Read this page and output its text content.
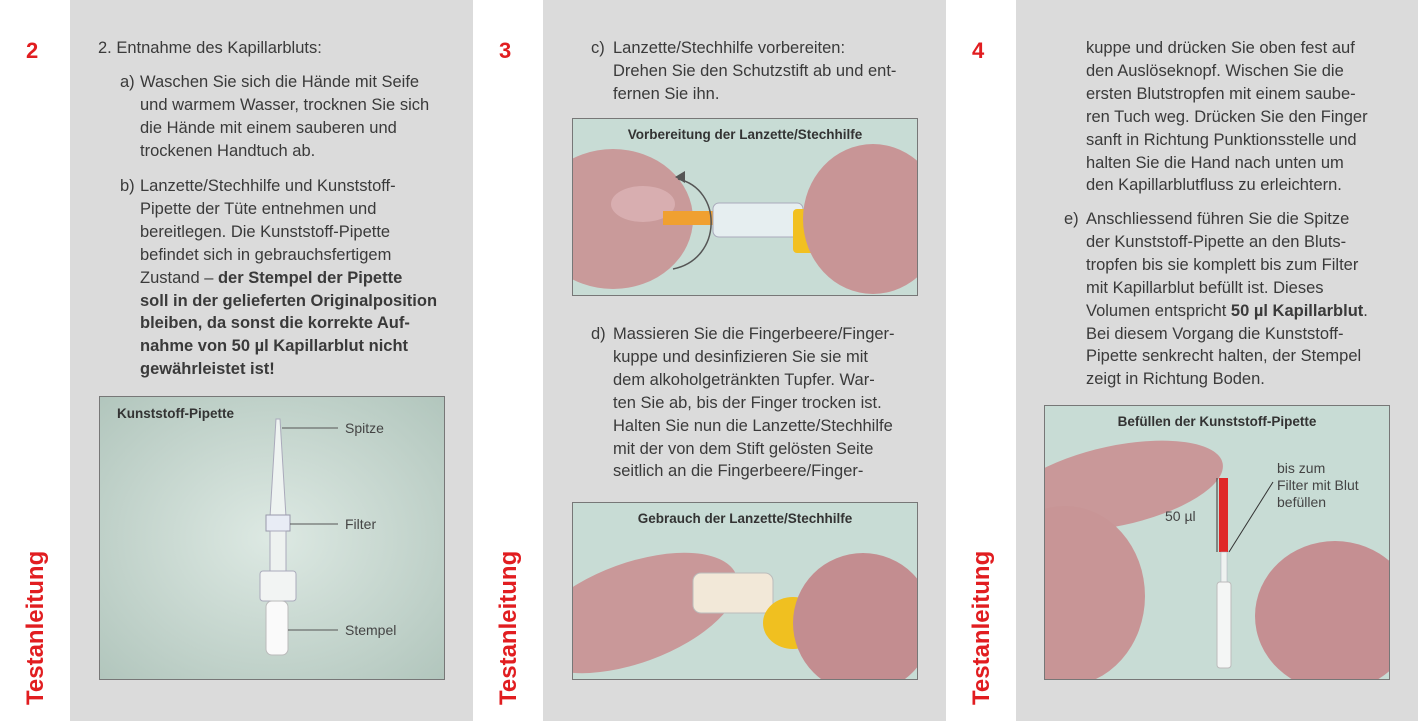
2
Testanleitung
2. Entnahme des Kapillarbluts:
a) Waschen Sie sich die Hände mit Seife
und warmem Wasser, trocknen Sie sich
die Hände mit einem sauberen und
trockenen Handtuch ab.
b) Lanzette/Stechhilfe und Kunststoff-
Pipette der Tüte entnehmen und
bereitlegen. Die Kunststoff-Pipette
befindet sich in gebrauchsfertigem
Zustand – der Stempel der Pipette
soll in der gelieferten Originalposition
bleiben, da sonst die korrekte Auf-
nahme von 50 µl Kapillarblut nicht
gewährleistet ist!
Kunststoff-Pipette
Spitze
Filter
Stempel
3
Testanleitung
c) Lanzette/Stechhilfe vorbereiten:
Drehen Sie den Schutzstift ab und ent-
fernen Sie ihn.
Vorbereitung der Lanzette/Stechhilfe
d) Massieren Sie die Fingerbeere/Finger-
kuppe und desinfizieren Sie sie mit
dem alkoholgetränkten Tupfer. War-
ten Sie ab, bis der Finger trocken ist.
Halten Sie nun die Lanzette/Stechhilfe
mit der von dem Stift gelösten Seite
seitlich an die Fingerbeere/Finger-
Gebrauch der Lanzette/Stechhilfe
4
Testanleitung
kuppe und drücken Sie oben fest auf
den Auslöseknopf. Wischen Sie die
ersten Blutstropfen mit einem saube-
ren Tuch weg. Drücken Sie den Finger
sanft in Richtung Punktionsstelle und
halten Sie die Hand nach unten um
den Kapillarblutfluss zu erleichtern.
e) Anschliessend führen Sie die Spitze
der Kunststoff-Pipette an den Bluts-
tropfen bis sie komplett bis zum Filter
mit Kapillarblut befüllt ist. Dieses
Volumen entspricht 50 µl Kapillarblut.
Bei diesem Vorgang die Kunststoff-
Pipette senkrecht halten, der Stempel
zeigt in Richtung Boden.
Befüllen der Kunststoff-Pipette
bis zum
Filter mit Blut
befüllen
50 µl
